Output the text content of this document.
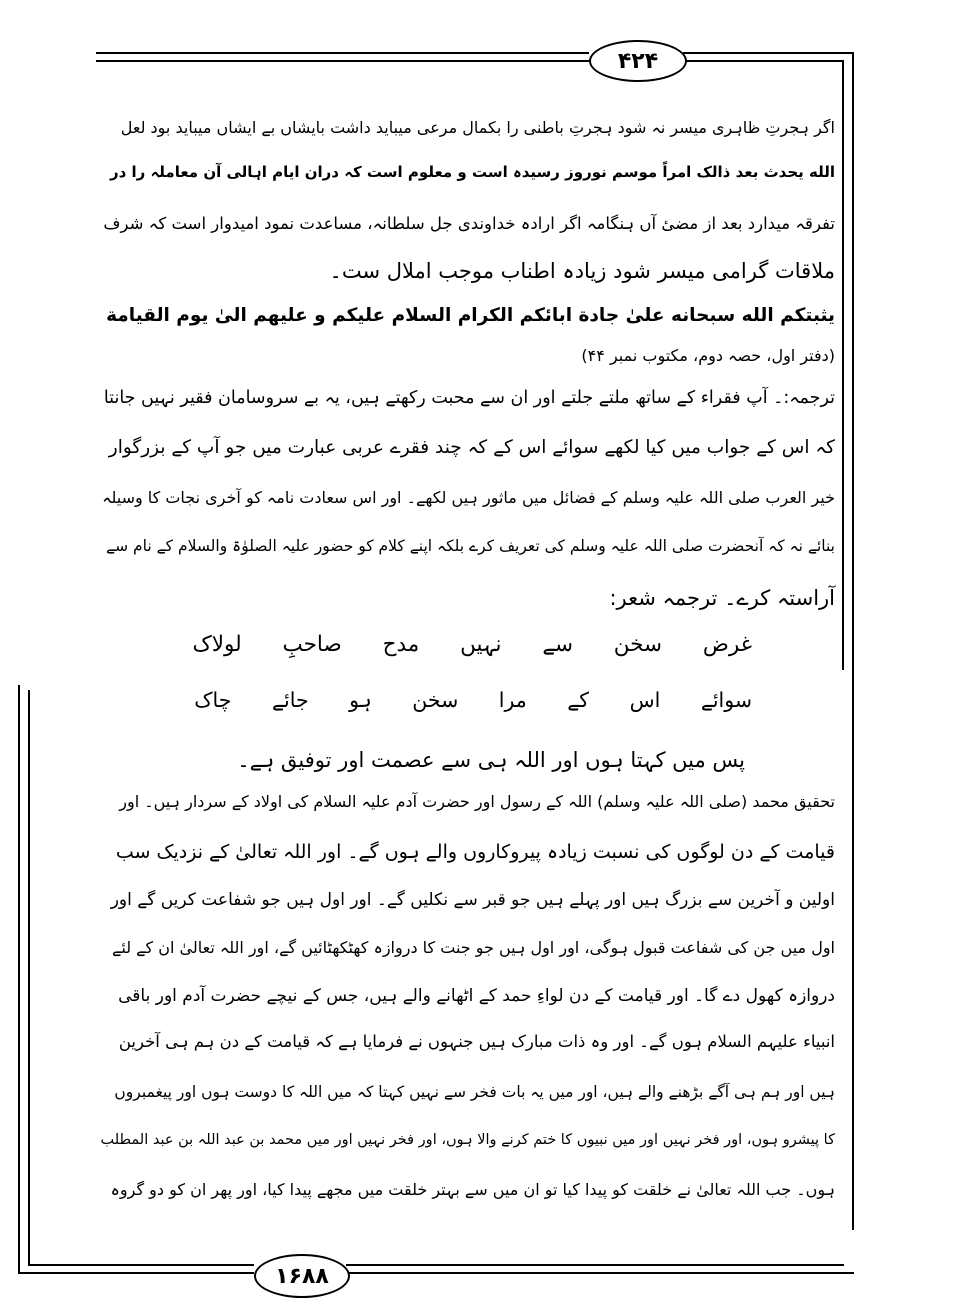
۴۲۴
۱۶۸۸
اگر ہجرتِ ظاہری میسر نہ شود ہجرتِ باطنی را بکمال مرعی میباید داشت بایشاں بے ایشاں میباید بود لعل
الله یحدث بعد ذالک امراً موسم نوروز رسیدہ است و معلوم است کہ دران ایام اہالی آن معاملہ را در
تفرقہ میدارد بعد از مضیٔ آں ہنگامہ اگر ارادہ خداوندی جل سلطانہ، مساعدت نمود امیدوار است کہ شرف
ملاقات گرامی میسر شود زیادہ اطناب موجب املال ست۔
یثبتکم الله سبحانه علیٰ جادة ابائکم الکرام السلام علیکم و علیهم الیٰ یوم القیامة
(دفتر اول، حصہ دوم، مکتوب نمبر ۴۴)
ترجمہ:۔ آپ فقراء کے ساتھ ملتے جلتے اور ان سے محبت رکھتے ہیں، یہ بے سروسامان فقیر نہیں جانتا
کہ اس کے جواب میں کیا لکھے سوائے اس کے کہ چند فقرے عربی عبارت میں جو آپ کے بزرگوار
خیر العرب صلی اللہ علیہ وسلم کے فضائل میں ماثور ہیں لکھے۔ اور اس سعادت نامہ کو آخری نجات کا وسیلہ
بنائے نہ کہ آنحضرت صلی اللہ علیہ وسلم کی تعریف کرے بلکہ اپنے کلام کو حضور علیہ الصلوٰۃ والسلام کے نام سے
آراستہ کرے۔ ترجمہ شعر:
غرض سخن سے نہیں مدح صاحبِ لولاک
سوائے اس کے مرا سخن ہو جائے چاک
پس میں کہتا ہوں اور اللہ ہی سے عصمت اور توفیق ہے۔
تحقیق محمد (صلی اللہ علیہ وسلم) اللہ کے رسول اور حضرت آدم علیہ السلام کی اولاد کے سردار ہیں۔ اور
قیامت کے دن لوگوں کی نسبت زیادہ پیروکاروں والے ہوں گے۔ اور اللہ تعالیٰ کے نزدیک سب
اولین و آخرین سے بزرگ ہیں اور پہلے ہیں جو قبر سے نکلیں گے۔ اور اول ہیں جو شفاعت کریں گے اور
اول میں جن کی شفاعت قبول ہوگی، اور اول ہیں جو جنت کا دروازہ کھٹکھٹائیں گے، اور اللہ تعالیٰ ان کے لئے
دروازہ کھول دے گا۔ اور قیامت کے دن لواءِ حمد کے اٹھانے والے ہیں، جس کے نیچے حضرت آدم اور باقی
انبیاء علیہم السلام ہوں گے۔ اور وہ ذات مبارک ہیں جنہوں نے فرمایا ہے کہ قیامت کے دن ہم ہی آخرین
ہیں اور ہم ہی آگے بڑھنے والے ہیں، اور میں یہ بات فخر سے نہیں کہتا کہ میں اللہ کا دوست ہوں اور پیغمبروں
کا پیشرو ہوں، اور فخر نہیں اور میں نبیوں کا ختم کرنے والا ہوں، اور فخر نہیں اور میں محمد بن عبد اللہ بن عبد المطلب
ہوں۔ جب اللہ تعالیٰ نے خلقت کو پیدا کیا تو ان میں سے بہتر خلقت میں مجھے پیدا کیا، اور پھر ان کو دو گروہ
